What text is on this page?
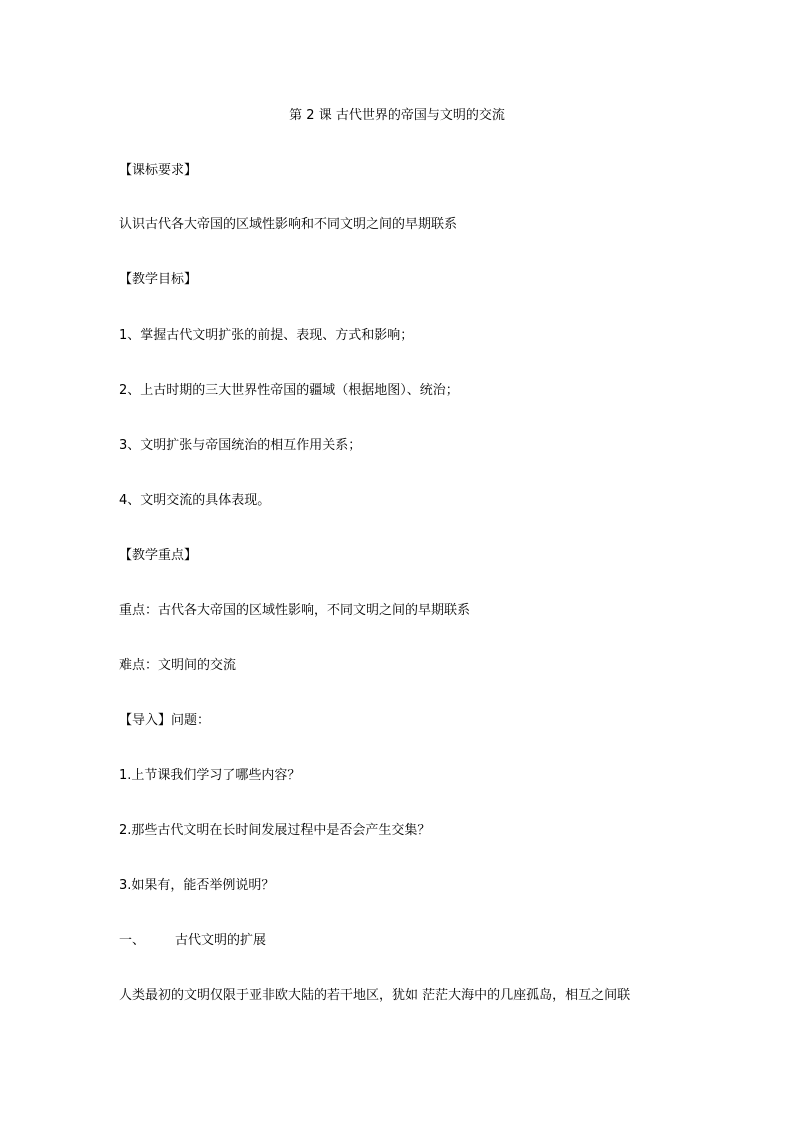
第 2 课 古代世界的帝国与文明的交流
【课标要求】
认识古代各大帝国的区域性影响和不同文明之间的早期联系
【教学目标】
1、掌握古代文明扩张的前提、表现、方式和影响；
2、上古时期的三大世界性帝国的疆域（根据地图）、统治；
3、文明扩张与帝国统治的相互作用关系；
4、文明交流的具体表现。
【教学重点】
重点：古代各大帝国的区域性影响，不同文明之间的早期联系
难点：文明间的交流
【导入】问题：
1.上节课我们学习了哪些内容？
2.那些古代文明在长时间发展过程中是否会产生交集？
3.如果有，能否举例说明？
一、 古代文明的扩展
人类最初的文明仅限于亚非欧大陆的若干地区，犹如 茫茫大海中的几座孤岛，相互之间联
